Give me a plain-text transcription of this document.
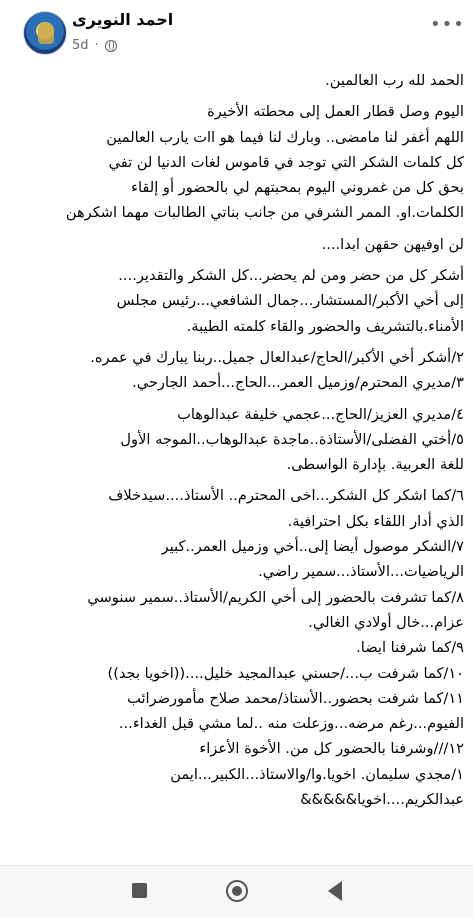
احمد النويرى
5d ·
•••
الحمد لله رب العالمين.
اليوم وصل قطار العمل إلى محطته الأخيرة
اللهم أغفر لنا مامضى.. وبارك لنا فيما هو اات يارب العالمين
كل كلمات الشكر التي توجد في قاموس لغات الدنيا لن تفي
بحق كل من غمروني اليوم بمحبتهم لي بالحضور أو إلقاء
الكلمات.او. الممر الشرفي من جانب بناتي الطالبات مهما اشكرهن
لن اوفيهن حقهن ابدا....
أشكر كل من حضر ومن لم يحضر...كل الشكر والتقدير....
إلى أخي الأكبر/المستشار...جمال الشافعي...رئيس مجلس
الأمناء.بالتشريف والحضور والقاء كلمته الطيبة.
٢/أشكر أخي الأكبر/الحاج/عبدالعال جميل..ربنا يبارك في عمره.
٣/مديري المحترم/وزميل العمر...الحاج...أحمد الجارحي.
٤/مديري العزيز/الحاج...عجمي خليفة عبدالوهاب
٥/أختي الفضلى/الأستاذة..ماجدة عبدالوهاب..الموجه الأول
للغة العربية. بإدارة الواسطى.
٦/كما اشكر كل الشكر...اخى المحترم.. الأستاذ....سيدخلاف
الذي أدار اللقاء بكل احترافية.
٧/الشكر موصول أيضا إلى..أخي وزميل العمر..كبير
الرياضيات...الأستاذ...سمير راضي.
٨/كما تشرفت بالحضور إلى أخي الكريم/الأستاذ..سمير سنوسي
عزام...خال أولادي الغالي.
٩/كما شرفنا ايضا.
١٠/كما شرفت ب.../حسني عبدالمجيد خليل....((اخويا بجد))
١١/كما شرفت بحضور..الأستاذ/محمد صلاح مأمورضرائب
الفيوم...رغم مرضه...وزعلت منه ..لما مشي قبل الغداء...
١٢///وشرفنا بالحضور كل من. الأخوة الأعزاء
١/مجدي سليمان. اخويا.وا/والاستاذ...الكبير...ايمن
عبدالكريم....اخويا&&&&&
